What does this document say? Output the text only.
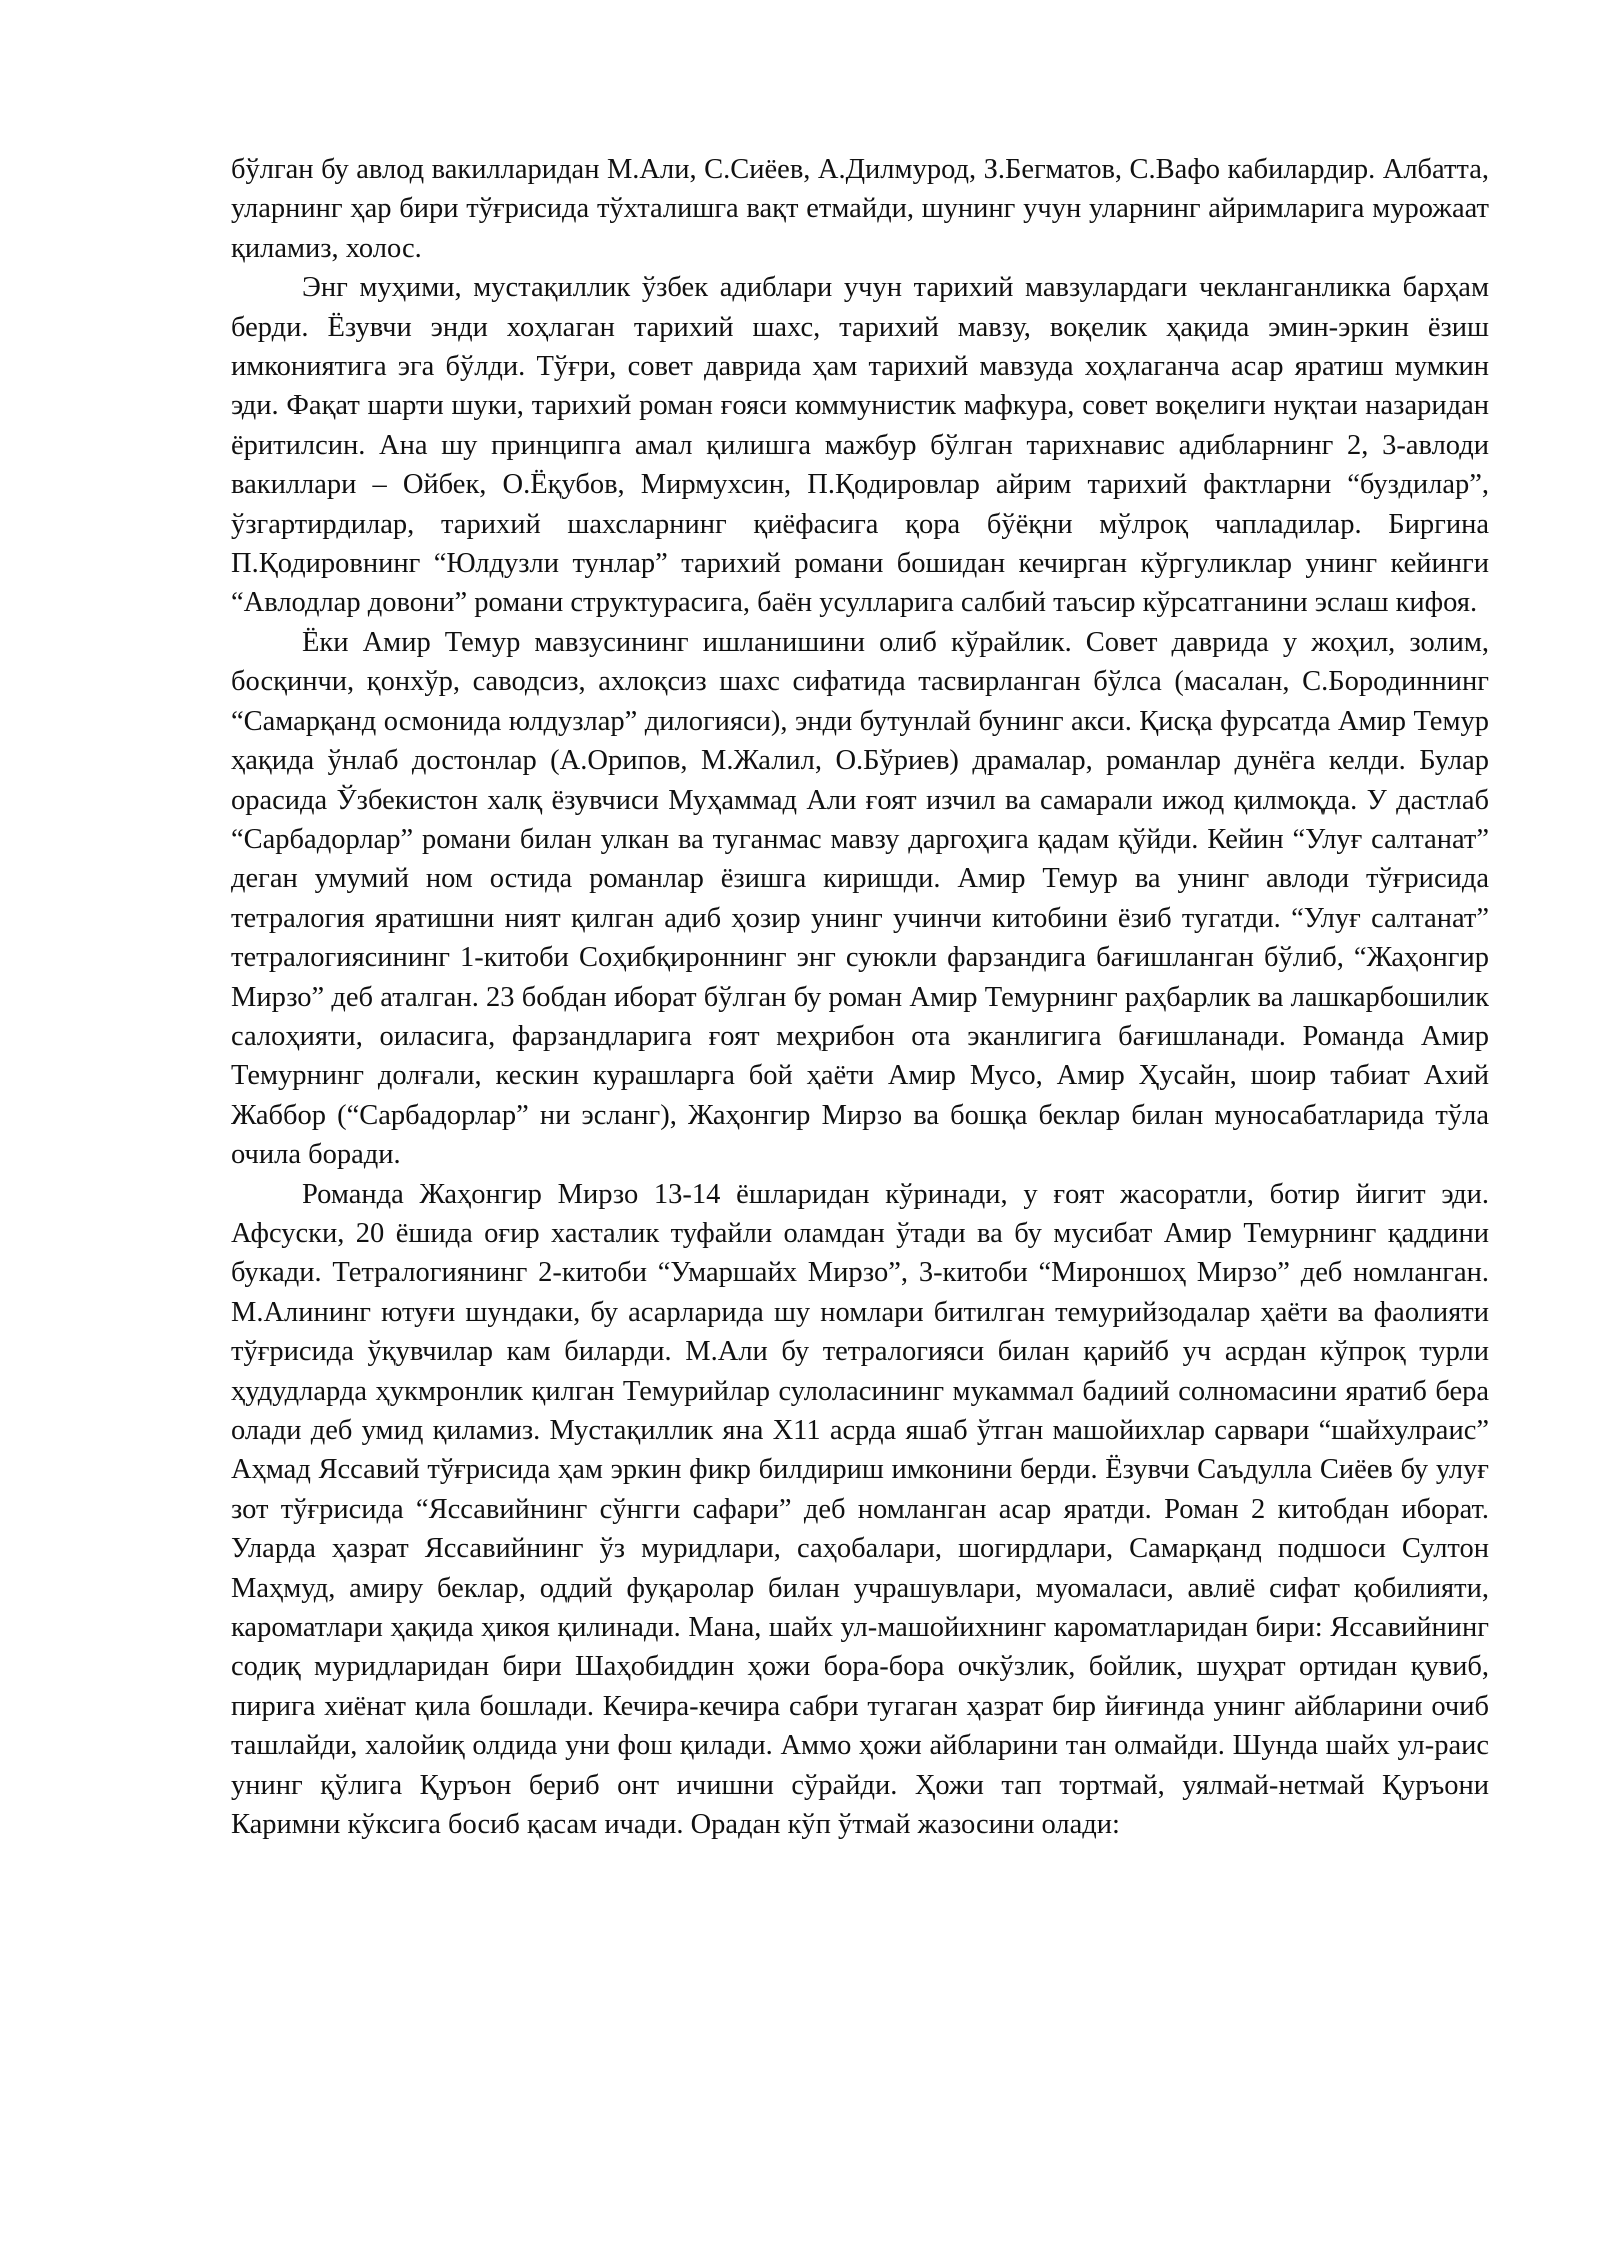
бўлган бу авлод вакилларидан М.Али, С.Сиёев, А.Дилмурод, З.Бегматов, С.Вафо кабилардир. Албатта, уларнинг ҳар бири тўғрисида тўхталишга вақт етмайди, шунинг учун уларнинг айримларига мурожаат қиламиз, холос.

Энг муҳими, мустақиллик ўзбек адиблари учун тарихий мавзулардаги чекланганликка барҳам берди. Ёзувчи энди хоҳлаган тарихий шахс, тарихий мавзу, воқелик ҳақида эмин-эркин ёзиш имкониятига эга бўлди. Тўғри, совет даврида ҳам тарихий мавзуда хоҳлаганча асар яратиш мумкин эди. Фақат шарти шуки, тарихий роман ғояси коммунистик мафкура, совет воқелиги нуқтаи назаридан ёритилсин. Ана шу принципга амал қилишга мажбур бўлган тарихнавис адибларнинг 2, 3-авлоди вакиллари – Ойбек, О.Ёқубов, Мирмухсин, П.Қодировлар айрим тарихий фактларни “буздилар”, ўзгартирдилар, тарихий шахсларнинг қиёфасига қора бўёқни мўлроқ чапладилар. Биргина П.Қодировнинг “Юлдузли тунлар” тарихий романи бошидан кечирган кўргуликлар унинг кейинги “Авлодлар довони” романи структурасига, баён усулларига салбий таъсир кўрсатганини эслаш кифоя.

Ёки Амир Темур мавзусининг ишланишини олиб кўрайлик. Совет даврида у жоҳил, золим, босқинчи, қонхўр, саводсиз, ахлоқсиз шахс сифатида тасвирланган бўлса (масалан, С.Бородиннинг “Самарқанд осмонида юлдузлар” дилогияси), энди бутунлай бунинг акси. Қисқа фурсатда Амир Темур ҳақида ўнлаб достонлар (А.Орипов, М.Жалил, О.Бўриев) драмалар, романлар дунёга келди. Булар орасида Ўзбекистон халқ ёзувчиси Муҳаммад Али ғоят изчил ва самарали ижод қилмоқда. У дастлаб “Сарбадорлар” романи билан улкан ва туганмас мавзу даргоҳига қадам қўйди. Кейин “Улуғ салтанат” деган умумий ном остида романлар ёзишга киришди. Амир Темур ва унинг авлоди тўғрисида тетралогия яратишни ният қилган адиб ҳозир унинг учинчи китобини ёзиб тугатди. “Улуғ салтанат” тетралогиясининг 1-китоби Соҳибқироннинг энг суюкли фарзандига бағишланган бўлиб, “Жаҳонгир Мирзо” деб аталган. 23 бобдан иборат бўлган бу роман Амир Темурнинг раҳбарлик ва лашкарбошилик салоҳияти, оиласига, фарзандларига ғоят меҳрибон ота эканлигига бағишланади. Романда Амир Темурнинг долғали, кескин курашларга бой ҳаёти Амир Мусо, Амир Ҳусайн, шоир табиат Ахий Жаббор (“Сарбадорлар” ни эсланг), Жаҳонгир Мирзо ва бошқа беклар билан муносабатларида тўла очила боради.

Романда Жаҳонгир Мирзо 13-14 ёшларидан кўринади, у ғоят жасоратли, ботир йигит эди. Афсуски, 20 ёшида оғир хасталик туфайли оламдан ўтади ва бу мусибат Амир Темурнинг қаддини букади. Тетралогиянинг 2-китоби “Умаршайх Мирзо”, 3-китоби “Мироншоҳ Мирзо” деб номланган. М.Алининг ютуғи шундаки, бу асарларида шу номлари битилган темурийзодалар ҳаёти ва фаолияти тўғрисида ўқувчилар кам биларди. М.Али бу тетралогияси билан қарийб уч асрдан кўпроқ турли ҳудудларда ҳукмронлик қилган Темурийлар сулоласининг мукаммал бадиий солномасини яратиб бера олади деб умид қиламиз. Мустақиллик яна Х11 асрда яшаб ўтган машойихлар сарвари “шайхулраис” Аҳмад Яссавий тўғрисида ҳам эркин фикр билдириш имконини берди. Ёзувчи Саъдулла Сиёев бу улуғ зот тўғрисида “Яссавийнинг сўнгги сафари” деб номланган асар яратди. Роман 2 китобдан иборат. Уларда ҳазрат Яссавийнинг ўз муридлари, саҳобалари, шогирдлари, Самарқанд подшоси Султон Маҳмуд, амиру беклар, оддий фуқаролар билан учрашувлари, муомаласи, авлиё сифат қобилияти, кароматлари ҳақида ҳикоя қилинади. Мана, шайх ул-машойихнинг кароматларидан бири: Яссавийнинг содиқ муридларидан бири Шаҳобиддин ҳожи бора-бора очкўзлик, бойлик, шуҳрат ортидан қувиб, пирига хиёнат қила бошлади. Кечира-кечира сабри тугаган ҳазрат бир йиғинда унинг айбларини очиб ташлайди, халойиқ олдида уни фош қилади. Аммо ҳожи айбларини тан олмайди. Шунда шайх ул-раис унинг қўлига Қуръон бериб онт ичишни сўрайди. Ҳожи тап тортмай, уялмай-нетмай Қуръони Каримни кўксига босиб қасам ичади. Орадан кўп ўтмай жазосини олади:
